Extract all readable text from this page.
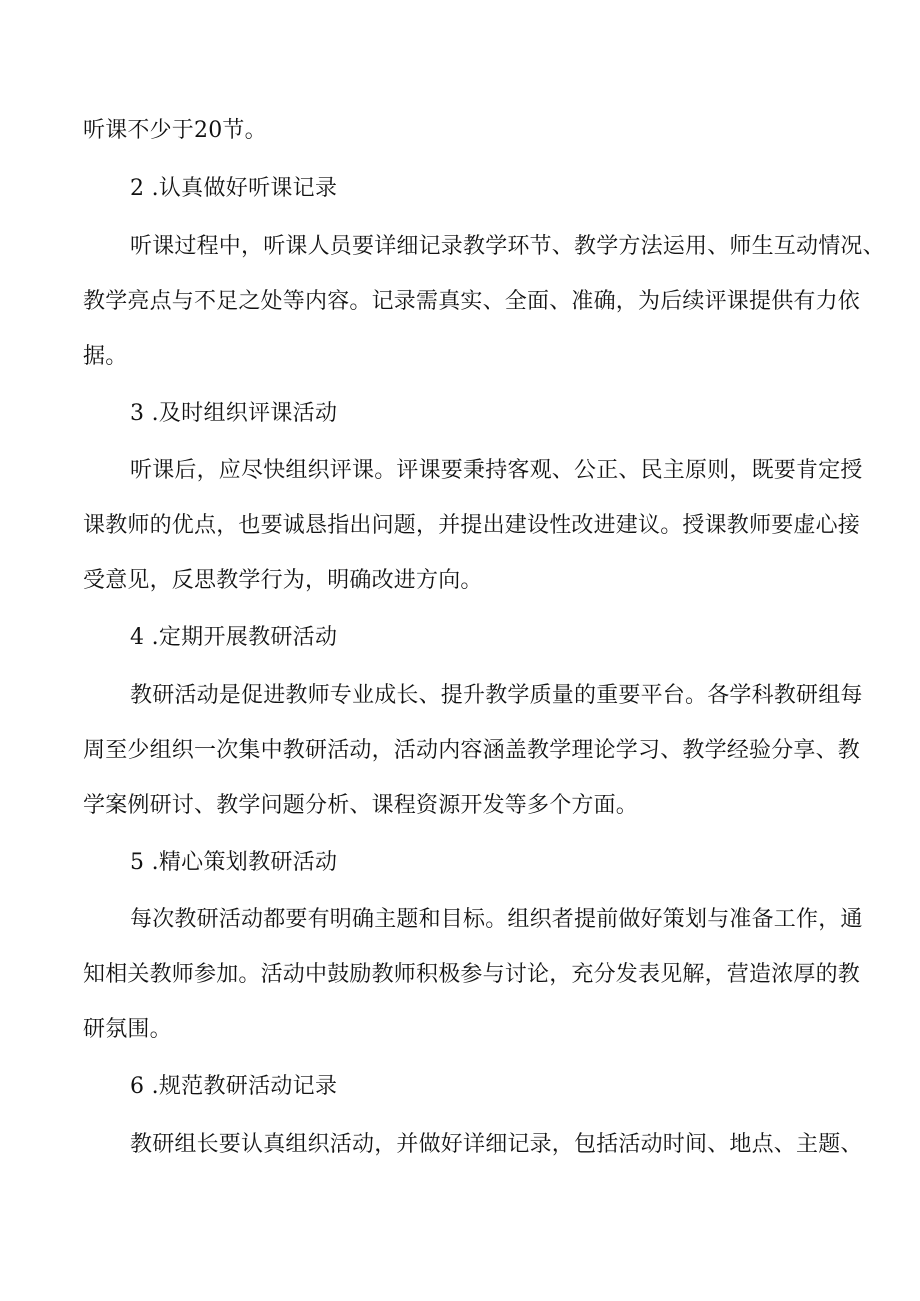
听课不少于20节。
2 .认真做好听课记录
听课过程中，听课人员要详细记录教学环节、教学方法运用、师生互动情况、
教学亮点与不足之处等内容。记录需真实、全面、准确，为后续评课提供有力依
据。
3 .及时组织评课活动
听课后，应尽快组织评课。评课要秉持客观、公正、民主原则，既要肯定授
课教师的优点，也要诚恳指出问题，并提出建设性改进建议。授课教师要虚心接
受意见，反思教学行为，明确改进方向。
4 .定期开展教研活动
教研活动是促进教师专业成长、提升教学质量的重要平台。各学科教研组每
周至少组织一次集中教研活动，活动内容涵盖教学理论学习、教学经验分享、教
学案例研讨、教学问题分析、课程资源开发等多个方面。
5 .精心策划教研活动
每次教研活动都要有明确主题和目标。组织者提前做好策划与准备工作，通
知相关教师参加。活动中鼓励教师积极参与讨论，充分发表见解，营造浓厚的教
研氛围。
6 .规范教研活动记录
教研组长要认真组织活动，并做好详细记录，包括活动时间、地点、主题、
